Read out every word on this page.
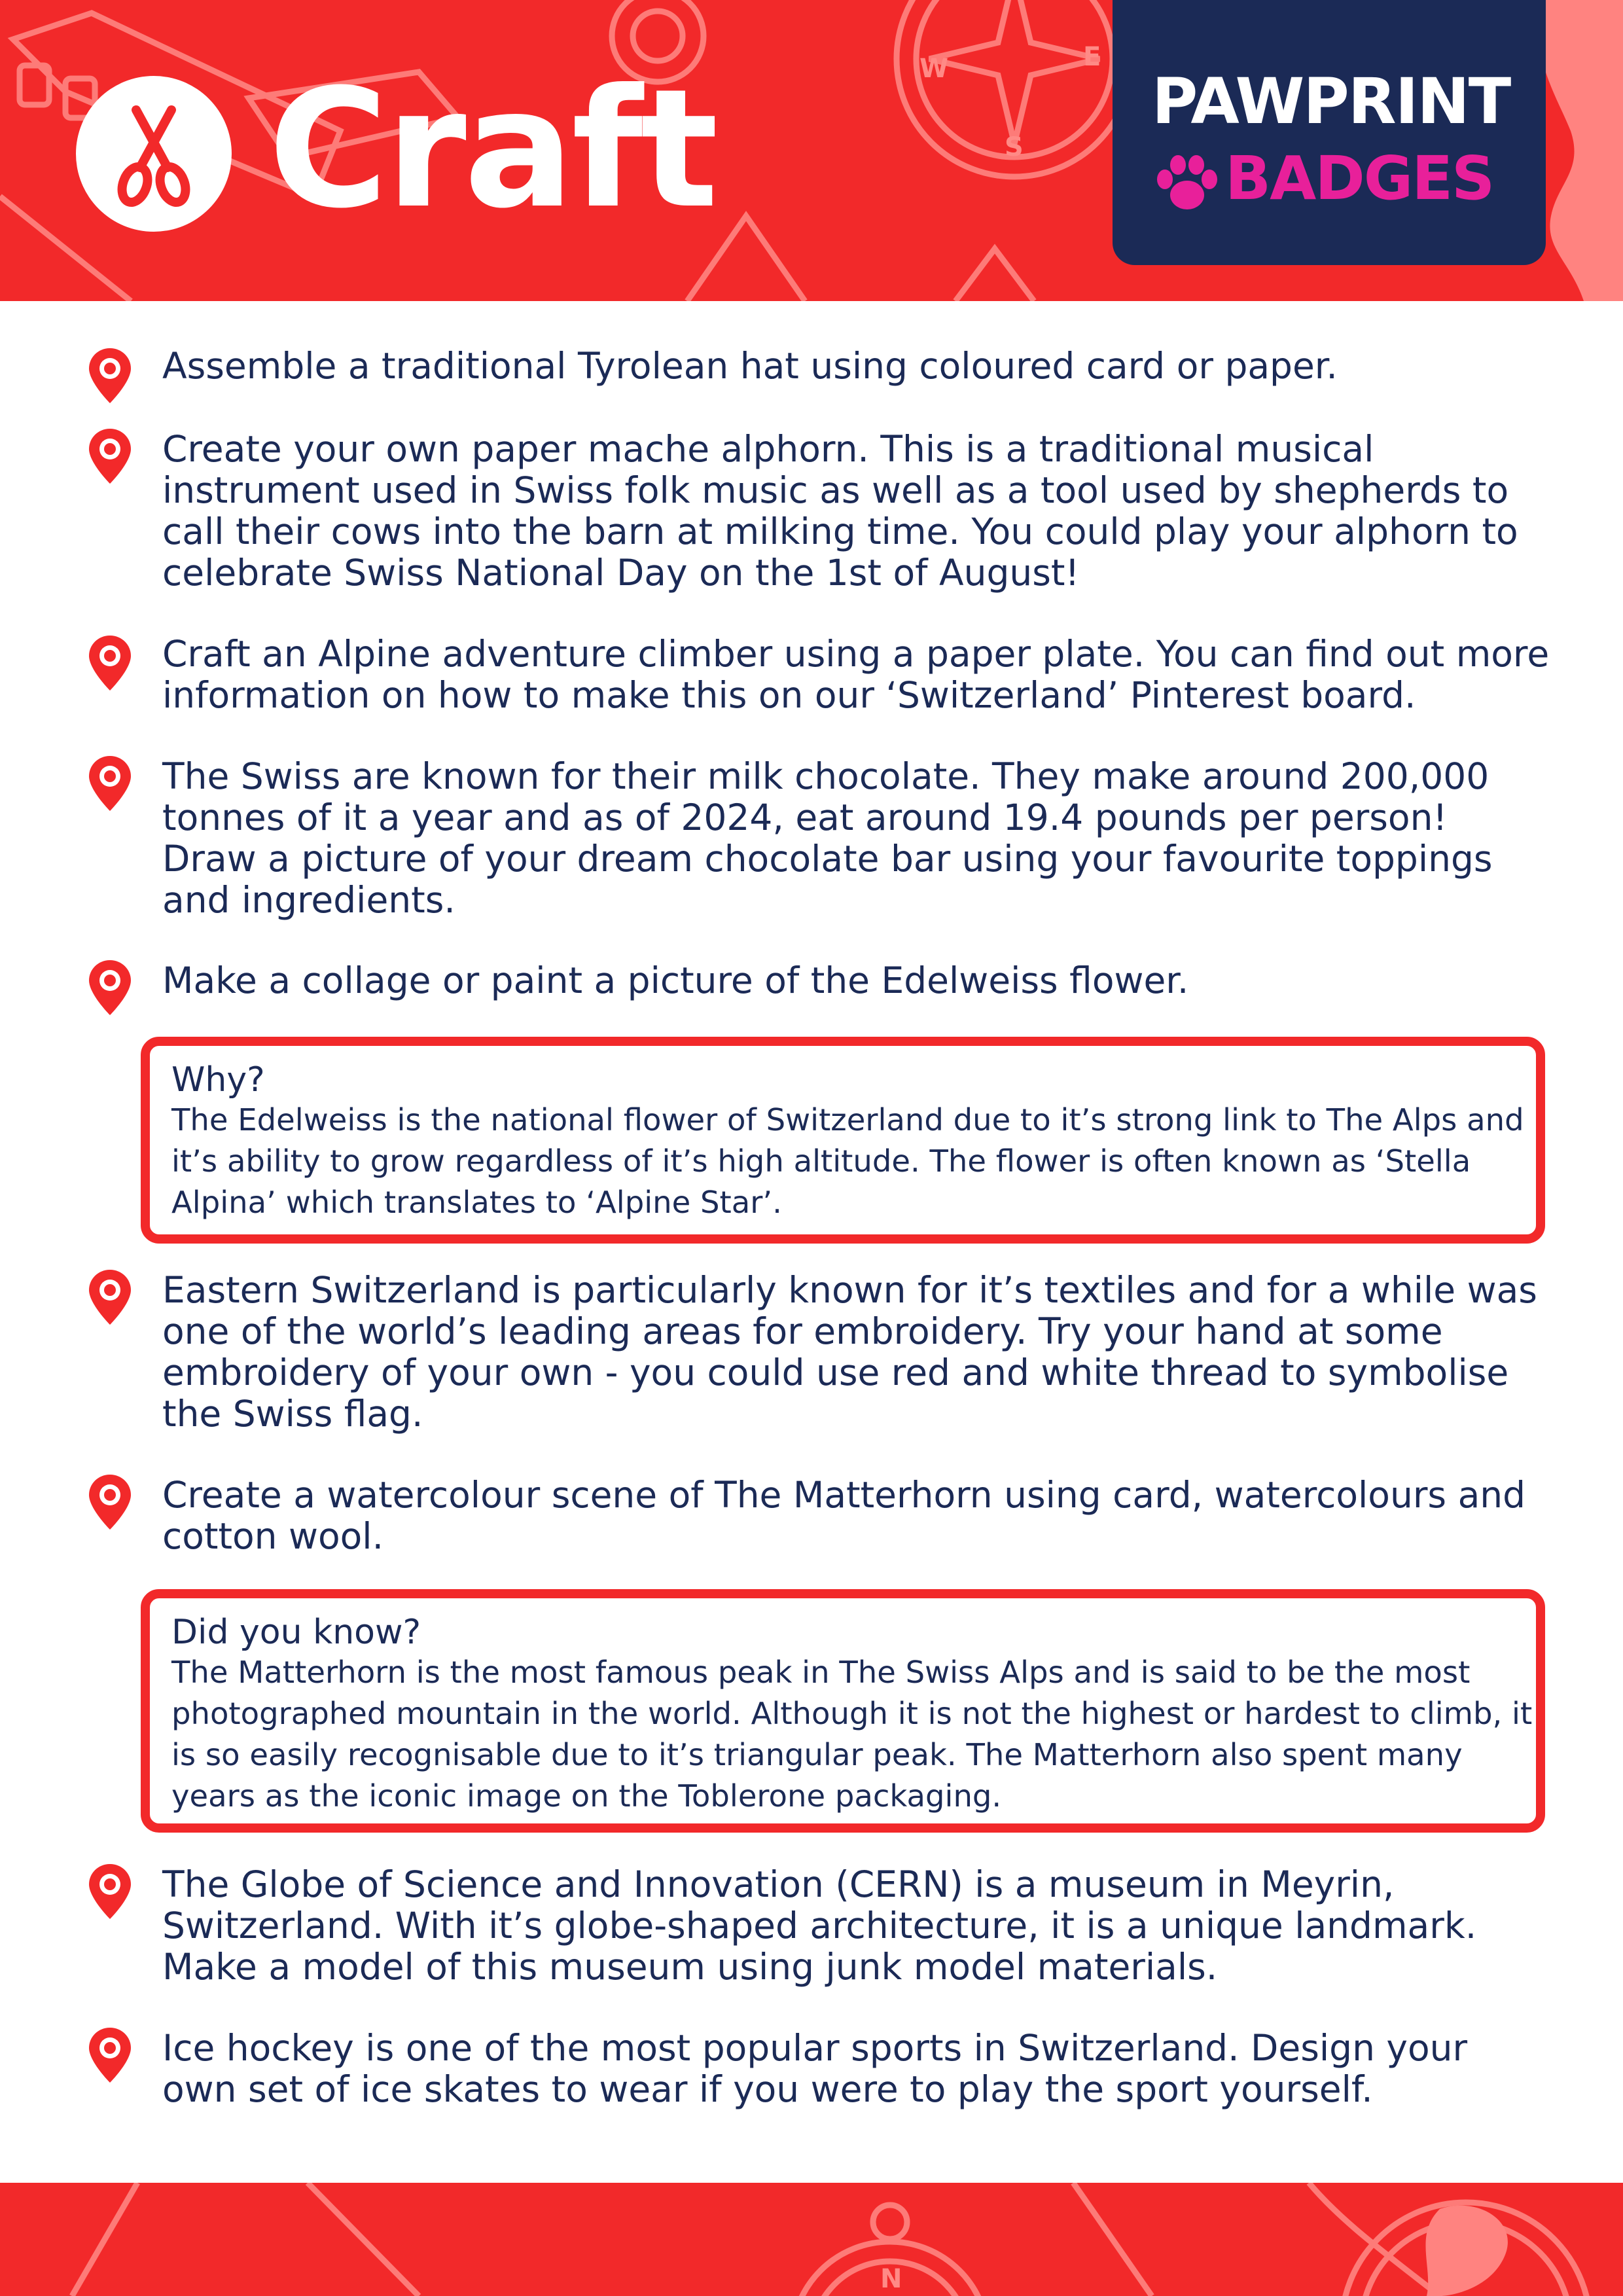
W	E
S
Craft	PAWPRINT
BADGES
Assemble a traditional Tyrolean hat using coloured card or paper.
Create your own paper mache alphorn. This is a traditional musical instrument used in Swiss folk music as well as a tool used by shepherds to call their cows into the barn at milking time. You could play your alphorn to celebrate Swiss National Day on the 1st of August!
Craft an Alpine adventure climber using a paper plate. You can find out more information on how to make this on our ‘Switzerland’ Pinterest board.
The Swiss are known for their milk chocolate. They make around 200,000 tonnes of it a year and as of 2024, eat around 19.4 pounds per person! Draw a picture of your dream chocolate bar using your favourite toppings and ingredients.
Make a collage or paint a picture of the Edelweiss flower.
Why?
The Edelweiss is the national flower of Switzerland due to it’s strong link to The Alps and it’s ability to grow regardless of it’s high altitude. The flower is often known as ‘Stella Alpina’ which translates to ‘Alpine Star’.
Eastern Switzerland is particularly known for it’s textiles and for a while was one of the world’s leading areas for embroidery. Try your hand at some embroidery of your own - you could use red and white thread to symbolise the Swiss flag.
Create a watercolour scene of The Matterhorn using card, watercolours and cotton wool.
Did you know?
The Matterhorn is the most famous peak in The Swiss Alps and is said to be the most photographed mountain in the world. Although it is not the highest or hardest to climb, it is so easily recognisable due to it’s triangular peak. The Matterhorn also spent many years as the iconic image on the Toblerone packaging.
The Globe of Science and Innovation (CERN) is a museum in Meyrin, Switzerland. With it’s globe-shaped architecture, it is a unique landmark. Make a model of this museum using junk model materials.
Ice hockey is one of the most popular sports in Switzerland. Design your own set of ice skates to wear if you were to play the sport yourself.
N
